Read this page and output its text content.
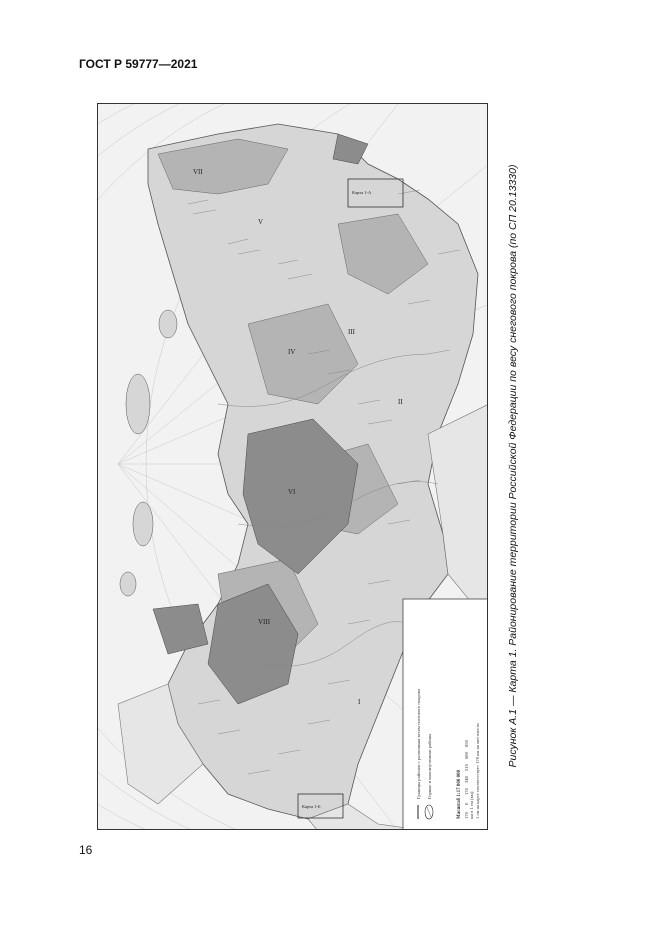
ГОСТ Р 59777—2021
VII
V
IV
III
II
VI
VIII
I
Карта 1-А
Карта 1-Б
Границы районов с различным весом снегового покрова Горные и малоизученные районы	Масштаб 1:17 000 000 170
0
170
340
510
680
850
км в 1 см (км) 1 см на карте соответствует 170 км на местности
Рисунок А.1 — Карта 1. Районирование территории Российской Федерации по весу снегового покрова (по СП 20.13330)
16
